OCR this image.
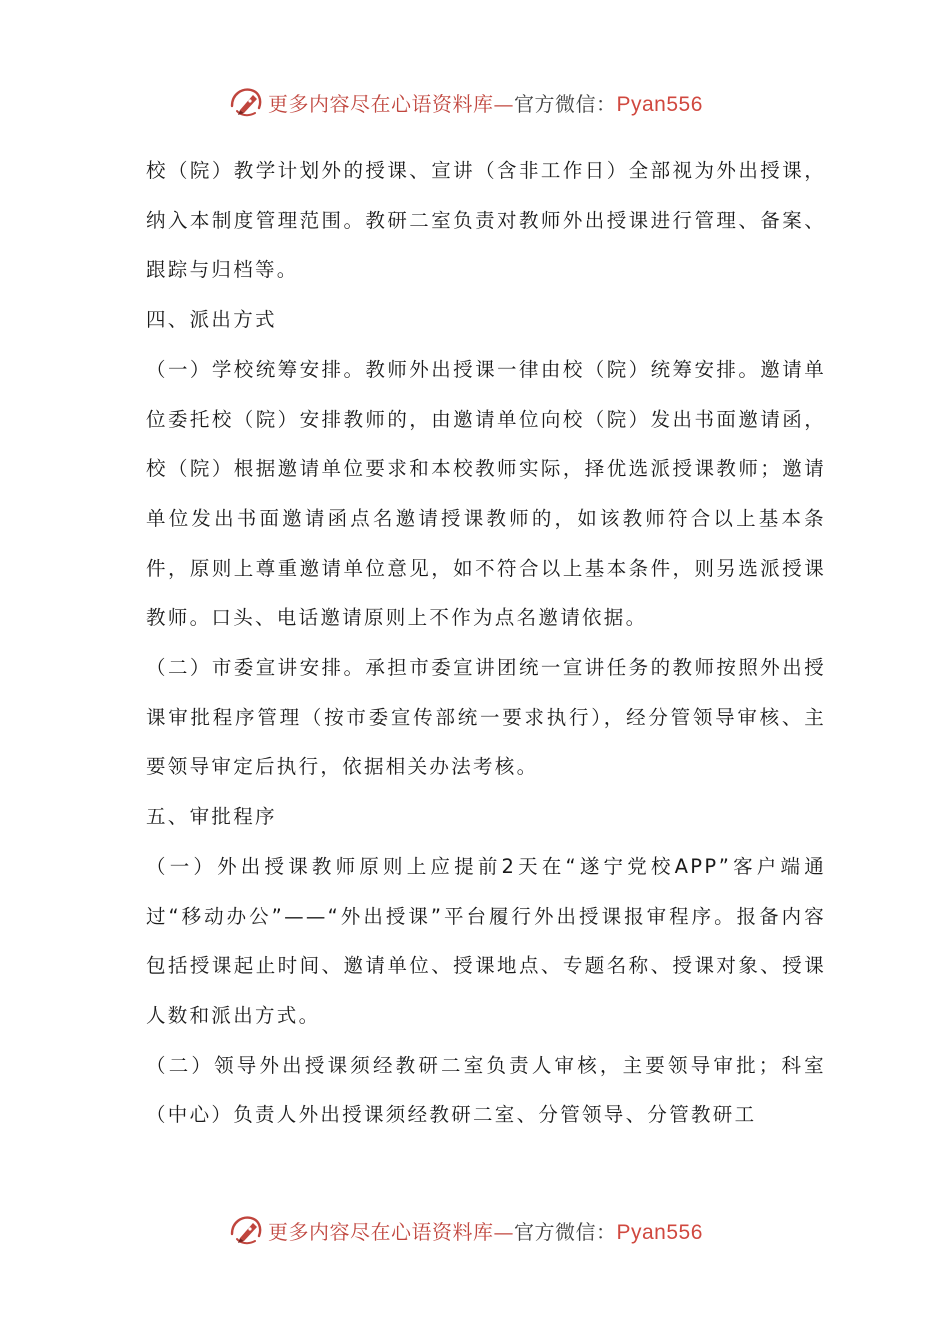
更多内容尽在心语资料库—官方微信：Pyan556

校（院）教学计划外的授课、宣讲（含非工作日）全部视为外出授课，纳入本制度管理范围。教研二室负责对教师外出授课进行管理、备案、跟踪与归档等。

四、派出方式

（一）学校统筹安排。教师外出授课一律由校（院）统筹安排。邀请单位委托校（院）安排教师的，由邀请单位向校（院）发出书面邀请函，校（院）根据邀请单位要求和本校教师实际，择优选派授课教师；邀请单位发出书面邀请函点名邀请授课教师的，如该教师符合以上基本条件，原则上尊重邀请单位意见，如不符合以上基本条件，则另选派授课教师。口头、电话邀请原则上不作为点名邀请依据。

（二）市委宣讲安排。承担市委宣讲团统一宣讲任务的教师按照外出授课审批程序管理（按市委宣传部统一要求执行），经分管领导审核、主要领导审定后执行，依据相关办法考核。

五、审批程序

（一）外出授课教师原则上应提前2天在“遂宁党校APP”客户端通过“移动办公”——“外出授课”平台履行外出授课报审程序。报备内容包括授课起止时间、邀请单位、授课地点、专题名称、授课对象、授课人数和派出方式。

（二）领导外出授课须经教研二室负责人审核，主要领导审批；科室（中心）负责人外出授课须经教研二室、分管领导、分管教研工

更多内容尽在心语资料库—官方微信：Pyan556
